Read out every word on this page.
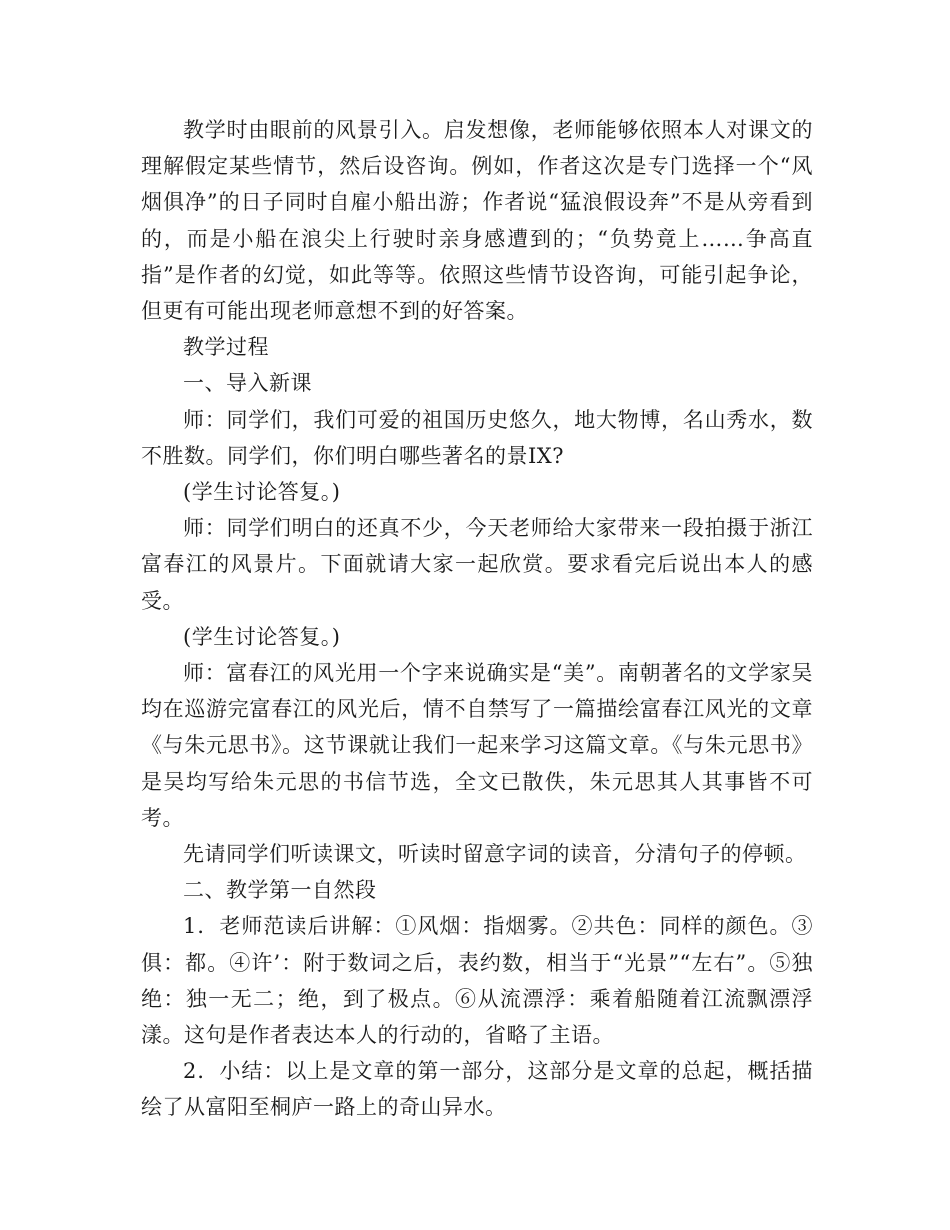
教学时由眼前的风景引入。启发想像，老师能够依照本人对课文的理解假定某些情节，然后设咨询。例如，作者这次是专门选择一个“风烟俱净”的日子同时自雇小船出游；作者说“猛浪假设奔”不是从旁看到的，而是小船在浪尖上行驶时亲身感遭到的；“负势竟上……争高直指”是作者的幻觉，如此等等。依照这些情节设咨询，可能引起争论，但更有可能出现老师意想不到的好答案。

教学过程

一、导入新课

师：同学们，我们可爱的祖国历史悠久，地大物博，名山秀水，数不胜数。同学们，你们明白哪些著名的景IX?

(学生讨论答复。)

师：同学们明白的还真不少，今天老师给大家带来一段拍摄于浙江富春江的风景片。下面就请大家一起欣赏。要求看完后说出本人的感受。

(学生讨论答复。)

师：富春江的风光用一个字来说确实是“美”。南朝著名的文学家吴均在巡游完富春江的风光后，情不自禁写了一篇描绘富春江风光的文章《与朱元思书》。这节课就让我们一起来学习这篇文章。《与朱元思书》是吴均写给朱元思的书信节选，全文已散佚，朱元思其人其事皆不可考。

先请同学们听读课文，听读时留意字词的读音，分清句子的停顿。

二、教学第一自然段

1．老师范读后讲解：①风烟：指烟雾。②共色：同样的颜色。③俱：都。④许’：附于数词之后，表约数，相当于“光景”“左右”。⑤独绝：独一无二；绝，到了极点。⑥从流漂浮：乘着船随着江流飘漂浮漾。这句是作者表达本人的行动的，省略了主语。

2．小结：以上是文章的第一部分，这部分是文章的总起，概括描绘了从富阳至桐庐一路上的奇山异水。
